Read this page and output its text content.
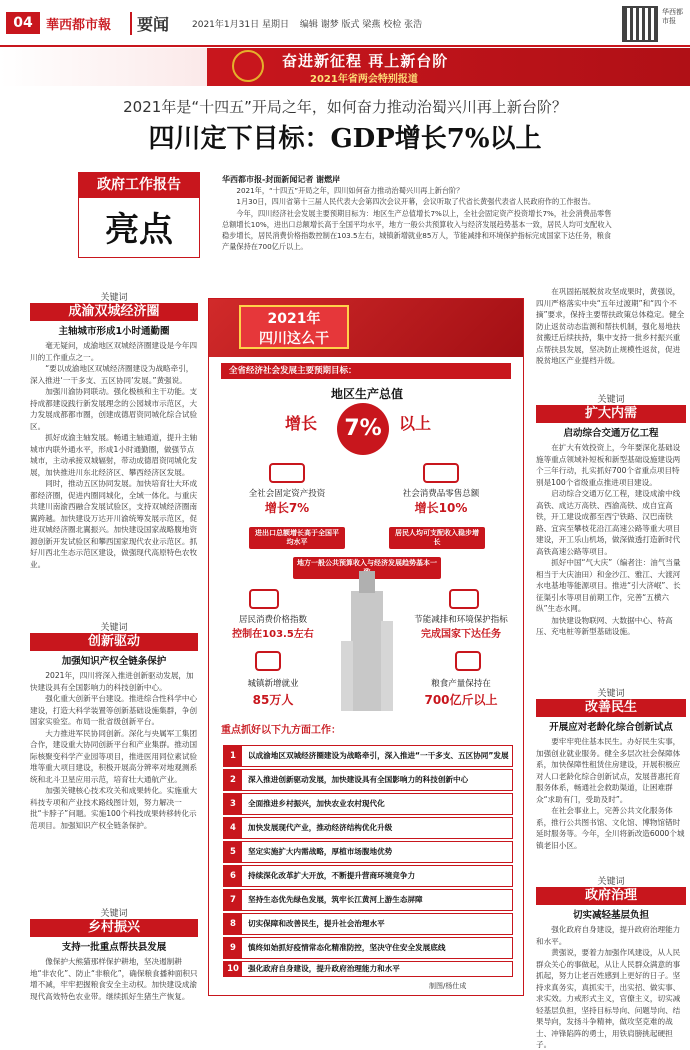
04	華西都市報	要闻	2021年1月31日 星期日 编辑 谢梦 版式 梁燕 校检 张浩
华西都市报
奋进新征程 再上新台阶
2021年省两会特别报道
2021年是“十四五”开局之年，如何奋力推动治蜀兴川再上新台阶？
四川定下目标：GDP增长7%以上
政府工作报告
亮点

华西都市报-封面新闻记者 谢燃岸

2021年，“十四五”开局之年，四川如何奋力推动治蜀兴川再上新台阶？

1月30日，四川省第十三届人民代表大会第四次会议开幕，会议听取了代省长黄强代表省人民政府作的工作报告。

今年，四川经济社会发展主要预期目标为：地区生产总值增长7%以上，全社会固定资产投资增长7%，社会消费品零售总额增长10%，进出口总额增长高于全国平均水平，地方一般公共预算收入与经济发展趋势基本一致，居民人均可支配收入稳步增长，居民消费价格指数控制在103.5左右，城镇新增就业85万人，节能减排和环境保护指标完成国家下达任务，粮食产量保持在700亿斤以上。

关键词
成渝双城经济圈
主轴城市形成1小时通勤圈

毫无疑问，成渝地区双城经济圈建设是今年四川的工作重点之一。

“要以成渝地区双城经济圈建设为战略牵引，深入推进‘一干多支、五区协同’发展。”黄强说。

加强川渝协同联动。强化极核和主干功能。支持成都建设践行新发展理念的公园城市示范区，大力发展成都都市圈，创建成德眉资同城化综合试验区。

抓好成渝主轴发展。畅通主轴通道，提升主轴城市内联外通水平，形成1小时通勤圈，做强节点城市，主动承接双城辐射，带动成德眉资同城化发展，加快推进川东北经济区、攀西经济区发展。

同时，推动五区协同发展。加快培育壮大环成都经济圈，促进内圈同城化，全域一体化。与重庆共建川南渝西融合发展试验区，支持双城经济圈南翼跨越。加快建设万达开川渝统筹发展示范区，促进双城经济圈北翼振兴。加快建设国家战略腹地资源创新开发试验区和攀西国家现代农业示范区。抓好川西北生态示范区建设，做强现代高原特色农牧业。

关键词
创新驱动
加强知识产权全链条保护

2021年，四川将深入推进创新驱动发展，加快建设具有全国影响力的科技创新中心。

强化重大创新平台建设。推进综合性科学中心建设，打造大科学装置等创新基础设施集群，争创国家实验室。布局一批省级创新平台。

大力推进军民协同创新。深化与央属军工集团合作，建设重大协同创新平台和产业集群。推动国际核聚变科学产业园等项目，推进医用同位素试验堆等重大项目建设，积极开展高分辨率对地观测系统和北斗卫星应用示范，培育壮大通航产业。

加强关键核心技术攻关和成果转化。实施重大科技专项和产业技术路线图计划，努力解决一批“卡脖子”问题。实施100个科技成果转移转化示范项目。加强知识产权全链条保护。

关键词
乡村振兴
支持一批重点帮扶县发展

像保护大熊猫那样保护耕地，坚决遏制耕地“非农化”、防止“非粮化”，确保粮食播种面积只增不减，牢牢把握粮食安全主动权。加快建设成渝现代高效特色农业带。继续抓好生猪生产恢复。

2021年
四川这么干
全省经济社会发展主要预期目标：
地区生产总值
增长	7%	以上
全社会固定资产投资
增长7%
社会消费品零售总额
增长10%
进出口总额增长高于全国平均水平
居民人均可支配收入稳步增长
地方一般公共预算收入与经济发展趋势基本一
居民消费价格指数
控制在103.5左右
节能减排和环境保护指标
完成国家下达任务
城镇新增就业
85万人
粮食产量保持在
700亿斤以上
重点抓好以下九方面工作：
1	以成渝地区双城经济圈建设为战略牵引，深入推进“一干多支、五区协同”发展
2	深入推进创新驱动发展，加快建设具有全国影响力的科技创新中心
3	全面推进乡村振兴，加快农业农村现代化
4	加快发展现代产业，推动经济结构优化升级
5	坚定实施扩大内需战略，厚植市场腹地优势
6	持续深化改革扩大开放，不断提升营商环境竞争力
7	坚持生态优先绿色发展，筑牢长江黄河上游生态屏障
8	切实保障和改善民生，提升社会治理水平
9	慎终如始抓好疫情常态化精准防控，坚决守住安全发展底线
10	强化政府自身建设，提升政府治理能力和水平
制图/杨仕成

在巩固拓展脱贫攻坚成果时，黄强说，四川严格落实中央“五年过渡期”和“四个不摘”要求，保持主要帮扶政策总体稳定。健全防止返贫动态监测和帮扶机制，强化易地扶贫搬迁后续扶持，集中支持一批乡村振兴重点帮扶县发展，坚决防止规模性返贫，促进脱贫地区产业提档升级。

关键词
扩大内需
启动综合交通万亿工程

在扩大有效投资上，今年要深化基础设施等重点领域补短板和新型基础设施建设两个三年行动，扎实抓好700个省重点项目特别是100个省级重点推进项目建设。

启动综合交通万亿工程，建设成渝中线高铁、成达万高铁、西渝高铁、成自宜高铁，开工建设成都至西宁铁路、汉巴南铁路、宜宾至攀枝花沿江高速公路等重大项目建设，开工乐山机场，做深做透打造新时代高铁高速公路等项目。

抓好中国“气大庆”（编者注：油气当量相当于大庆油田）和金沙江、雅江、大渡河水电基地等能源项目。推进“引大济岷”、长征渠引水等项目前期工作，完善“五横六纵”生态水网。

加快建设物联网、大数据中心、特高压、充电桩等新型基础设施。

关键词
改善民生
开展应对老龄化综合创新试点

要牢牢兜住基本民生。办好民生实事，加强创业就业服务。健全多层次社会保障体系，加快保障性租赁住房建设，开展积极应对人口老龄化综合创新试点，发展普惠托育服务体系，畅通社会救助渠道，让困难群众“求助有门，受助及时”。

在社会事业上，完善公共文化服务体系，推行公共图书馆、文化馆、博物馆错时延时服务等。今年，全川将新改造6000个城镇老旧小区。

关键词
政府治理
切实减轻基层负担

强化政府自身建设，提升政府治理能力和水平。

黄强说，要着力加强作风建设，从人民群众关心的事做起，从让人民群众满意的事抓起，努力让老百姓感到上更好的日子。坚持求真务实，真抓实干，出实招、做实事、求实效。力戒形式主义，官僚主义，切实减轻基层负担，坚持目标导向、问题导向、结果导向，发扬斗争精神，做攻坚克难的战士、冲锋陷阵的勇士，用铁肩膀挑起硬担子。
